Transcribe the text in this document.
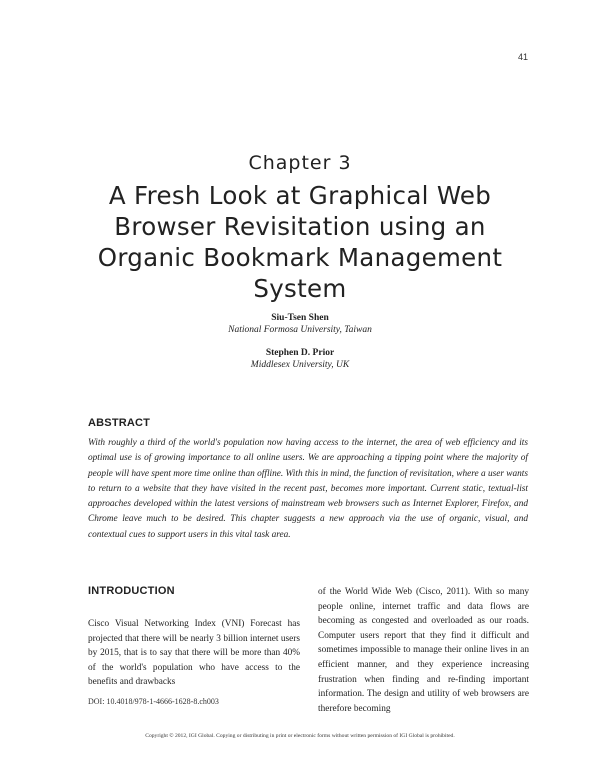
41
Chapter 3
A Fresh Look at Graphical Web Browser Revisitation using an Organic Bookmark Management System
Siu-Tsen Shen
National Formosa University, Taiwan
Stephen D. Prior
Middlesex University, UK
ABSTRACT
With roughly a third of the world's population now having access to the internet, the area of web efficiency and its optimal use is of growing importance to all online users. We are approaching a tipping point where the majority of people will have spent more time online than offline. With this in mind, the function of revisitation, where a user wants to return to a website that they have visited in the recent past, becomes more important. Current static, textual-list approaches developed within the latest versions of mainstream web browsers such as Internet Explorer, Firefox, and Chrome leave much to be desired. This chapter suggests a new approach via the use of organic, visual, and contextual cues to support users in this vital task area.
INTRODUCTION
Cisco Visual Networking Index (VNI) Forecast has projected that there will be nearly 3 billion internet users by 2015, that is to say that there will be more than 40% of the world's population who have access to the benefits and drawbacks
of the World Wide Web (Cisco, 2011). With so many people online, internet traffic and data flows are becoming as congested and overloaded as our roads. Computer users report that they find it difficult and sometimes impossible to manage their online lives in an efficient manner, and they experience increasing frustration when finding and re-finding important information. The design and utility of web browsers are therefore becoming
DOI: 10.4018/978-1-4666-1628-8.ch003
Copyright © 2012, IGI Global. Copying or distributing in print or electronic forms without written permission of IGI Global is prohibited.
